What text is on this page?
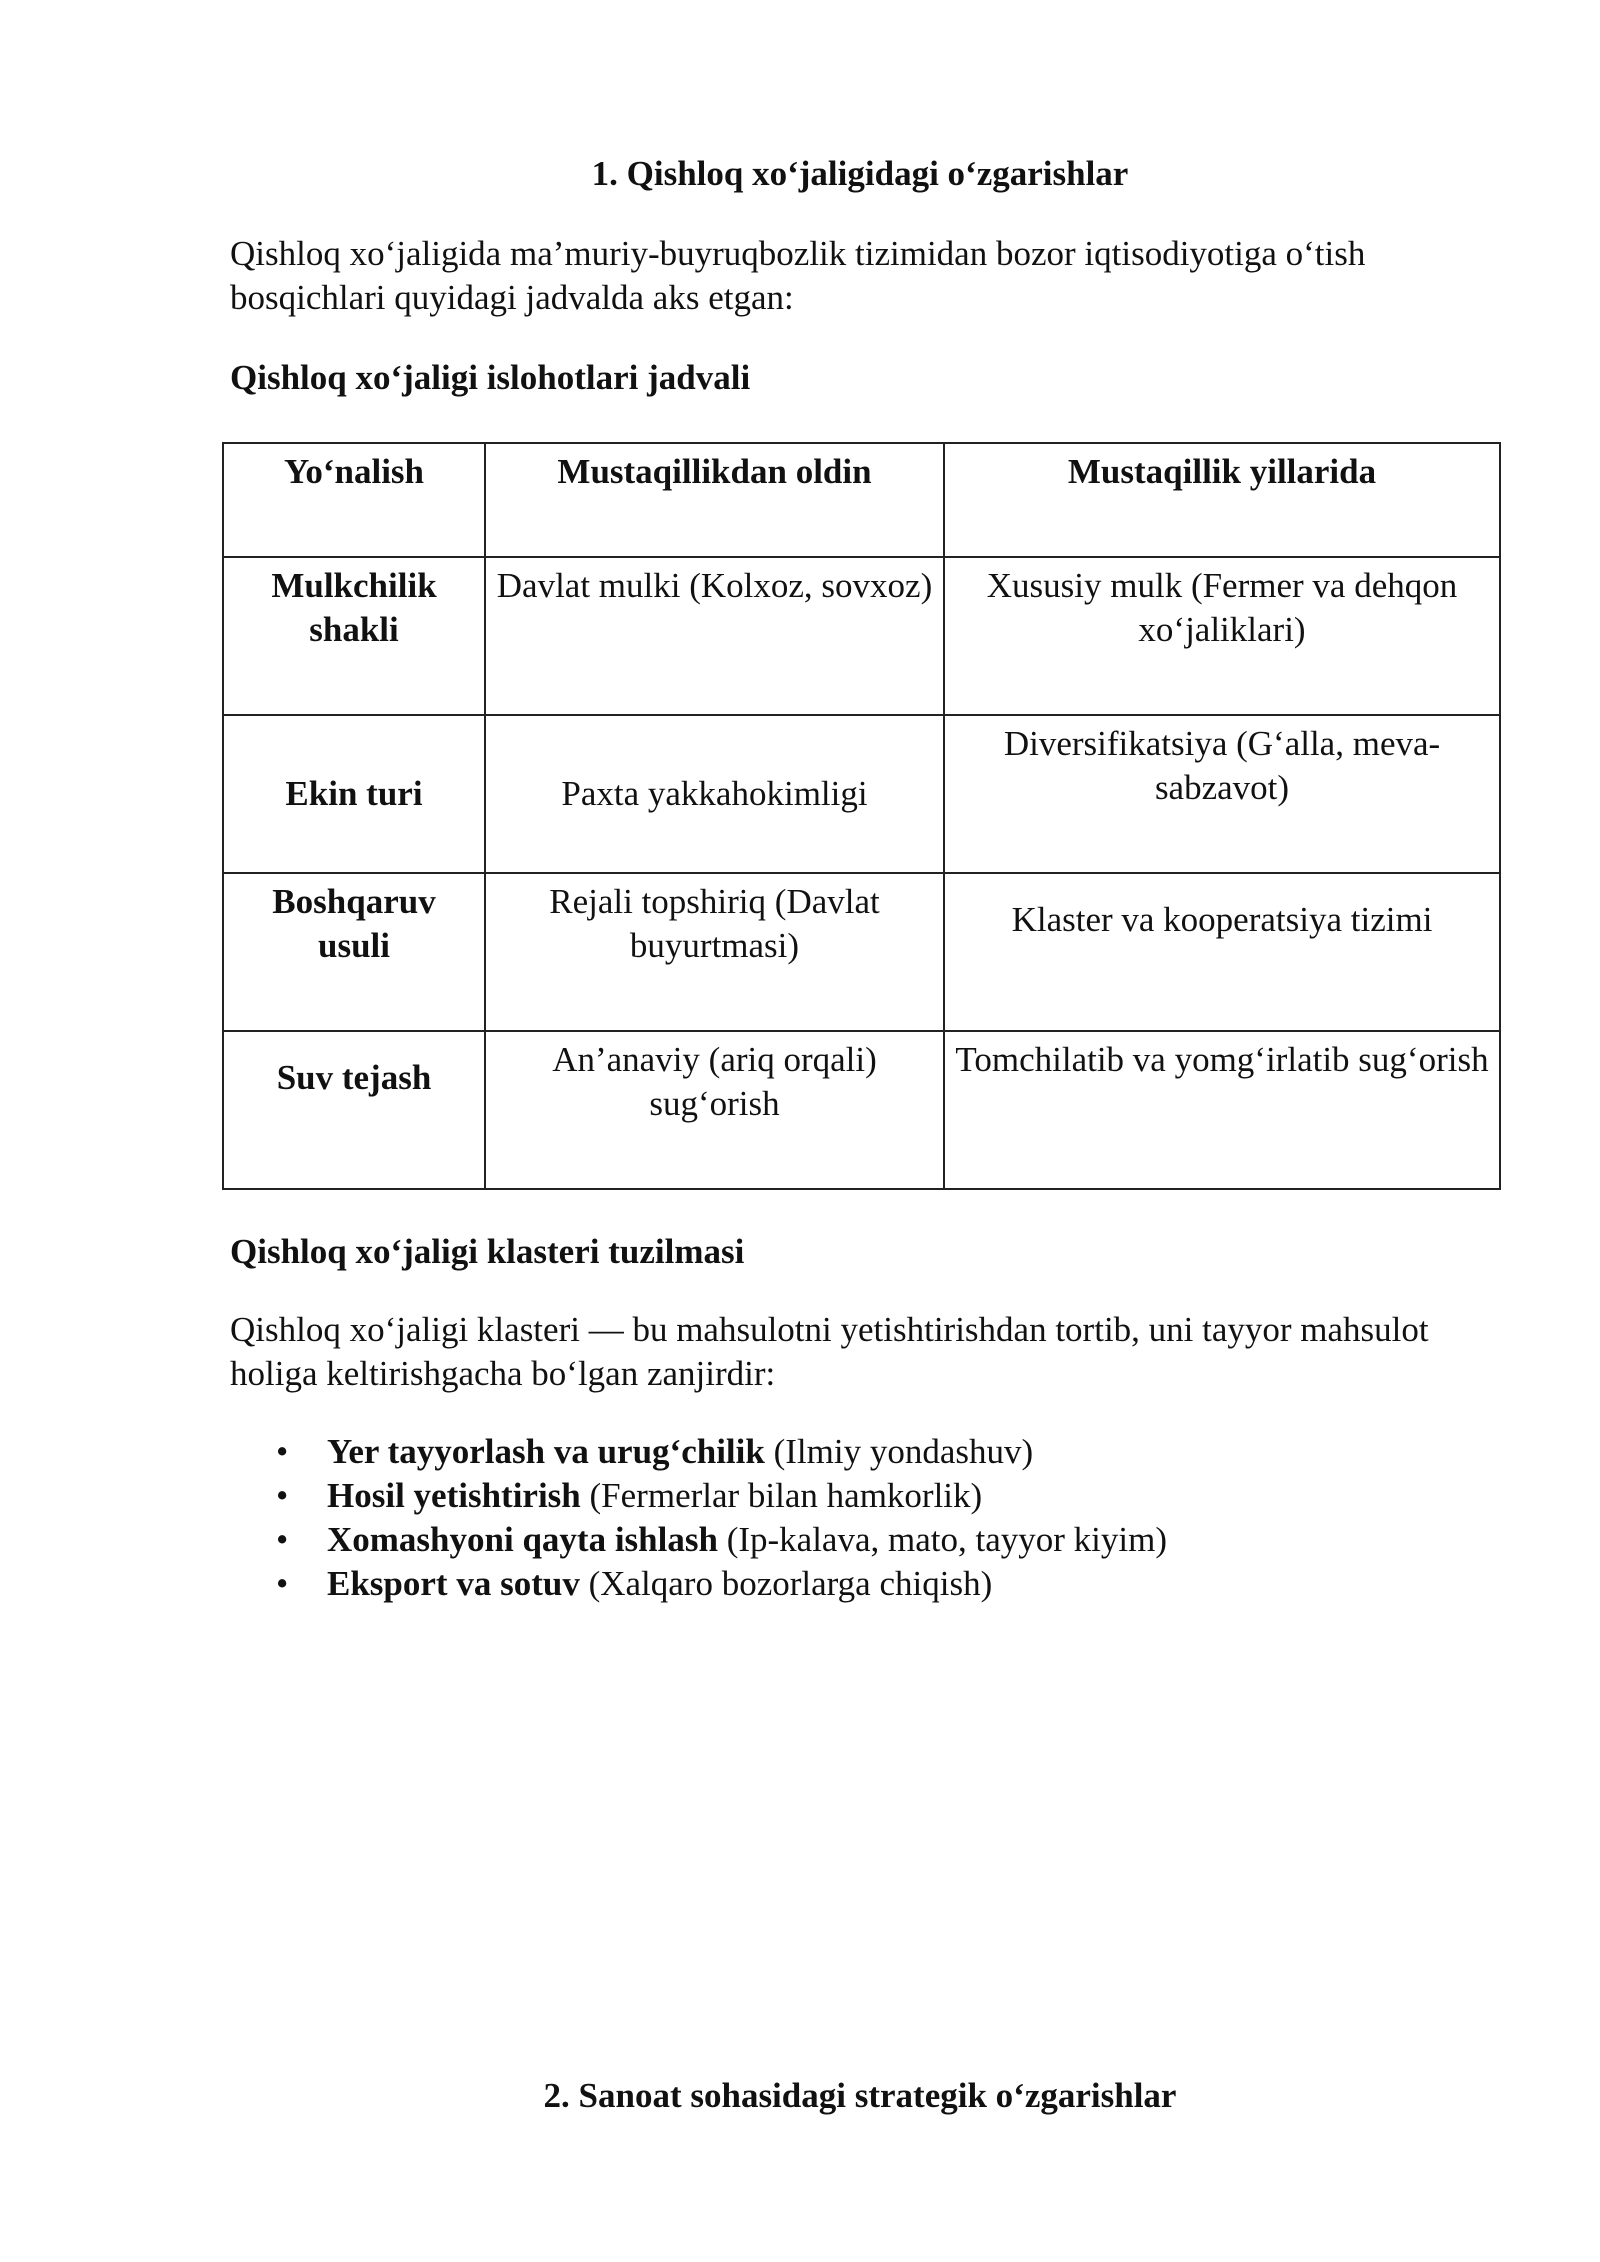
1. Qishloq xo‘jaligidagi o‘zgarishlar

Qishloq xo‘jaligida ma’muriy-buyruqbozlik tizimidan bozor iqtisodiyotiga o‘tish bosqichlari quyidagi jadvalda aks etgan:

Qishloq xo‘jaligi islohotlari jadvali

Yo‘nalish	Mustaqillikdan oldin	Mustaqillik yillarida
Mulkchilik shakli	Davlat mulki (Kolxoz, sovxoz)	Xususiy mulk (Fermer va dehqon xo‘jaliklari)
Ekin turi	Paxta yakkahokimligi	Diversifikatsiya (G‘alla, meva-sabzavot)
Boshqaruv usuli	Rejali topshiriq (Davlat buyurtmasi)	Klaster va kooperatsiya tizimi
Suv tejash	An’anaviy (ariq orqali) sug‘orish	Tomchilatib va yomg‘irlatib sug‘orish

Qishloq xo‘jaligi klasteri tuzilmasi

Qishloq xo‘jaligi klasteri — bu mahsulotni yetishtirishdan tortib, uni tayyor mahsulot holiga keltirishgacha bo‘lgan zanjirdir:

• Yer tayyorlash va urug‘chilik (Ilmiy yondashuv)
• Hosil yetishtirish (Fermerlar bilan hamkorlik)
• Xomashyoni qayta ishlash (Ip-kalava, mato, tayyor kiyim)
• Eksport va sotuv (Xalqaro bozorlarga chiqish)
2. Sanoat sohasidagi strategik o‘zgarishlar
